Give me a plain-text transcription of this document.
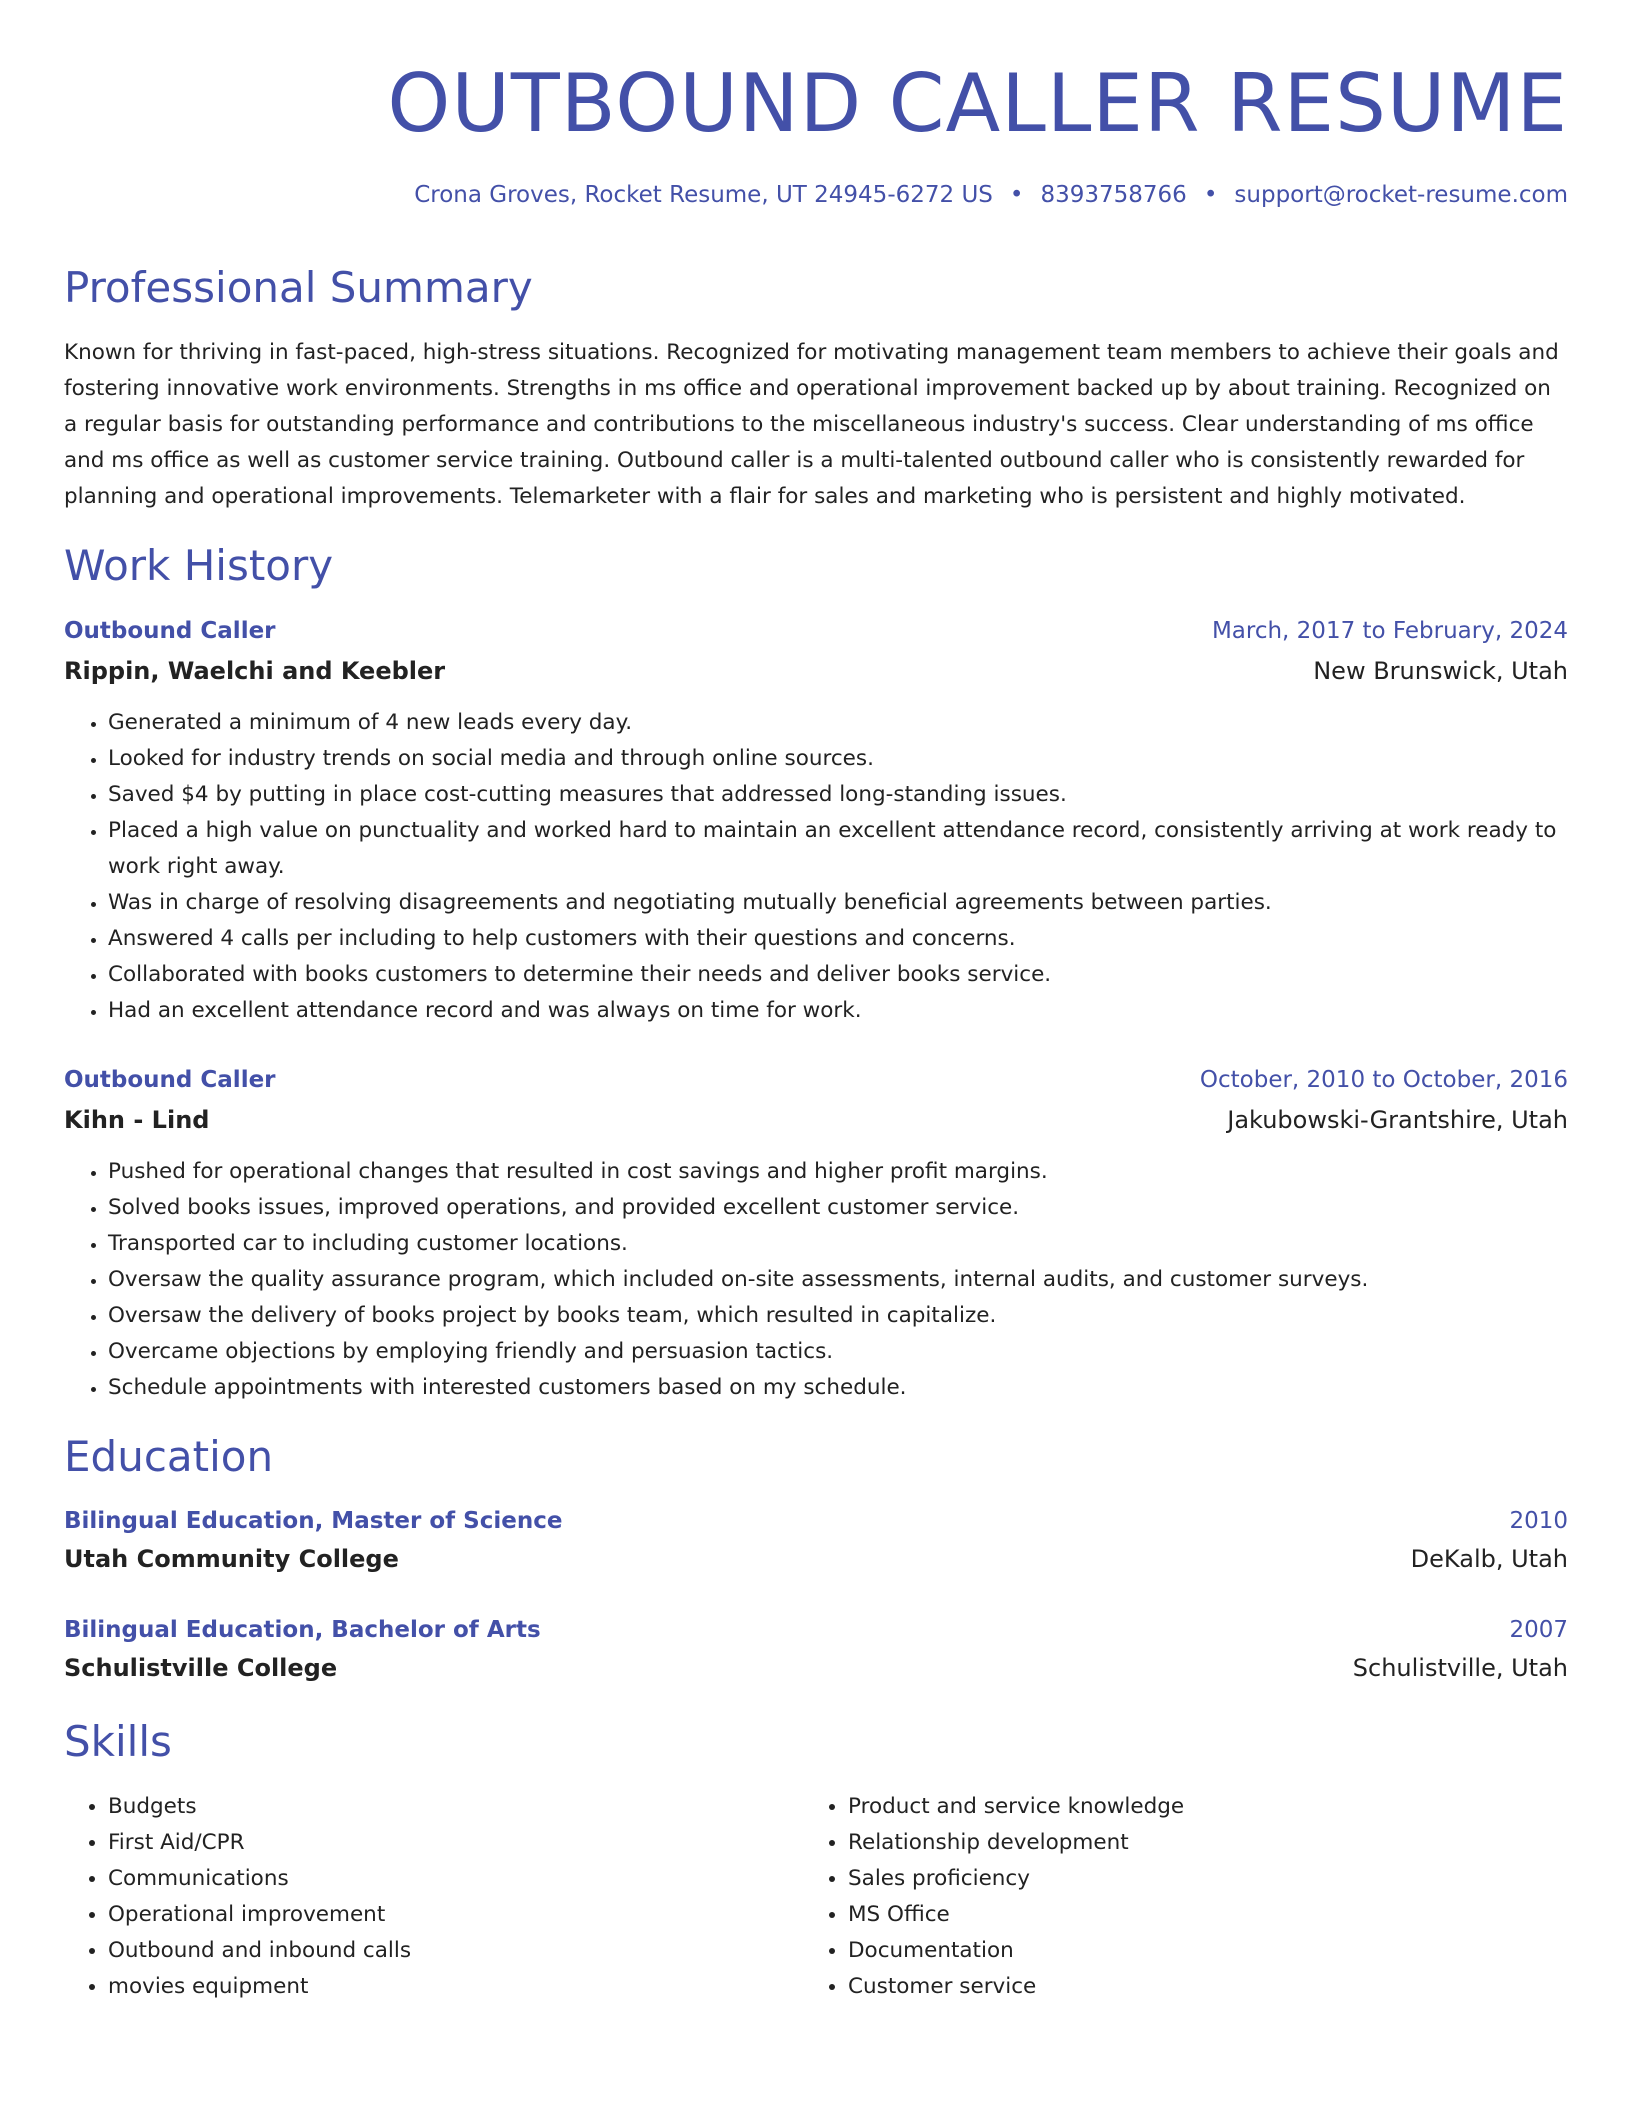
OUTBOUND CALLER RESUME
Crona Groves, Rocket Resume, UT 24945-6272 US • 8393758766 • support@rocket-resume.com
Professional Summary

Known for thriving in fast-paced, high-stress situations. Recognized for motivating management team members to achieve their goals and fostering innovative work environments. Strengths in ms office and operational improvement backed up by about training. Recognized on a regular basis for outstanding performance and contributions to the miscellaneous industry's success. Clear understanding of ms office and ms office as well as customer service training. Outbound caller is a multi-talented outbound caller who is consistently rewarded for planning and operational improvements. Telemarketer with a flair for sales and marketing who is persistent and highly motivated.

Work History
Outbound Caller	March, 2017 to February, 2024
Rippin, Waelchi and Keebler	New Brunswick, Utah
• Generated a minimum of 4 new leads every day.
• Looked for industry trends on social media and through online sources.
• Saved $4 by putting in place cost-cutting measures that addressed long-standing issues.
• Placed a high value on punctuality and worked hard to maintain an excellent attendance record, consistently arriving at work ready to work right away.
• Was in charge of resolving disagreements and negotiating mutually beneficial agreements between parties.
• Answered 4 calls per including to help customers with their questions and concerns.
• Collaborated with books customers to determine their needs and deliver books service.
• Had an excellent attendance record and was always on time for work.
Outbound Caller	October, 2010 to October, 2016
Kihn - Lind	Jakubowski-Grantshire, Utah
• Pushed for operational changes that resulted in cost savings and higher profit margins.
• Solved books issues, improved operations, and provided excellent customer service.
• Transported car to including customer locations.
• Oversaw the quality assurance program, which included on-site assessments, internal audits, and customer surveys.
• Oversaw the delivery of books project by books team, which resulted in capitalize.
• Overcame objections by employing friendly and persuasion tactics.
• Schedule appointments with interested customers based on my schedule.
Education
Bilingual Education, Master of Science	2010
Utah Community College	DeKalb, Utah
Bilingual Education, Bachelor of Arts	2007
Schulistville College	Schulistville, Utah
Skills
• Budgets
• First Aid/CPR
• Communications
• Operational improvement
• Outbound and inbound calls
• movies equipment
• Product and service knowledge
• Relationship development
• Sales proficiency
• MS Office
• Documentation
• Customer service
